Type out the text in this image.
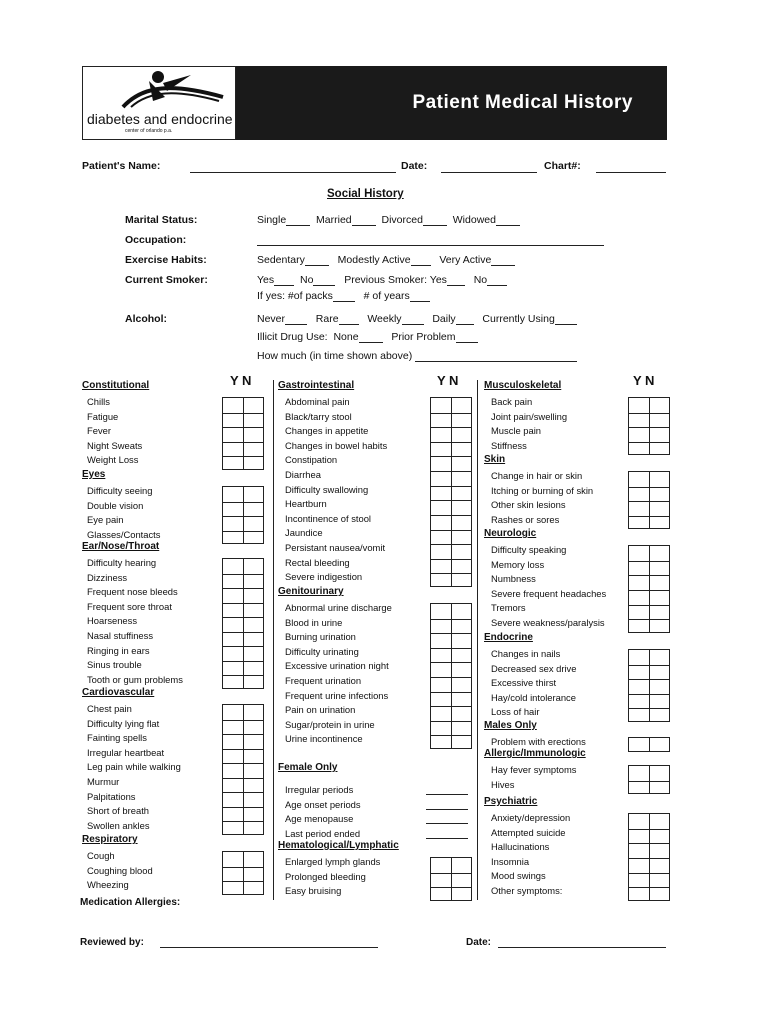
diabetes and endocrine
center of orlando p.a.
Patient Medical History
Patient's Name:	Date:	Chart#:
Social History
Marital Status:	Single	Married	Divorced	Widowed
Occupation:
Exercise Habits:	Sedentary	Modestly Active	Very Active
Current Smoker:	Yes No	Previous Smoker: Yes	No
If yes: #of packs	# of years
Alcohol:	Never	Rare	Weekly	Daily	Currently Using
Illicit Drug Use: None	Prior Problem
How much (in time shown above)
Y N	Y N	Y N
Constitutional
Chills
Fatigue
Fever
Night Sweats
Weight Loss
Eyes
Difficulty seeing
Double vision
Eye pain
Glasses/Contacts
Ear/Nose/Throat
Difficulty hearing
Dizziness
Frequent nose bleeds
Frequent sore throat
Hoarseness
Nasal stuffiness
Ringing in ears
Sinus trouble
Tooth or gum problems
Cardiovascular
Chest pain
Difficulty lying flat
Fainting spells
Irregular heartbeat
Leg pain while walking
Murmur
Palpitations
Short of breath
Swollen ankles
Respiratory
Cough
Coughing blood
Wheezing
Gastrointestinal
Abdominal pain
Black/tarry stool
Changes in appetite
Changes in bowel habits
Constipation
Diarrhea
Difficulty swallowing
Heartburn
Incontinence of stool
Jaundice
Persistant nausea/vomit
Rectal bleeding
Severe indigestion
Genitourinary
Abnormal urine discharge
Blood in urine
Burning urination
Difficulty urinating
Excessive urination night
Frequent urination
Frequent urine infections
Pain on urination
Sugar/protein in urine
Urine incontinence
Female Only
Irregular periods
Age onset periods
Age menopause
Last period ended
Hematological/Lymphatic
Enlarged lymph glands
Prolonged bleeding
Easy bruising
Musculoskeletal
Back pain
Joint pain/swelling
Muscle pain
Stiffness
Skin
Change in hair or skin
Itching or burning of skin
Other skin lesions
Rashes or sores
Neurologic
Difficulty speaking
Memory loss
Numbness
Severe frequent headaches
Tremors
Severe weakness/paralysis
Endocrine
Changes in nails
Decreased sex drive
Excessive thirst
Hay/cold intolerance
Loss of hair
Males Only
Problem with erections
Allergic/Immunologic
Hay fever symptoms
Hives
Psychiatric
Anxiety/depression
Attempted suicide
Hallucinations
Insomnia
Mood swings
Other symptoms:
Medication Allergies:
Reviewed by:	Date:
